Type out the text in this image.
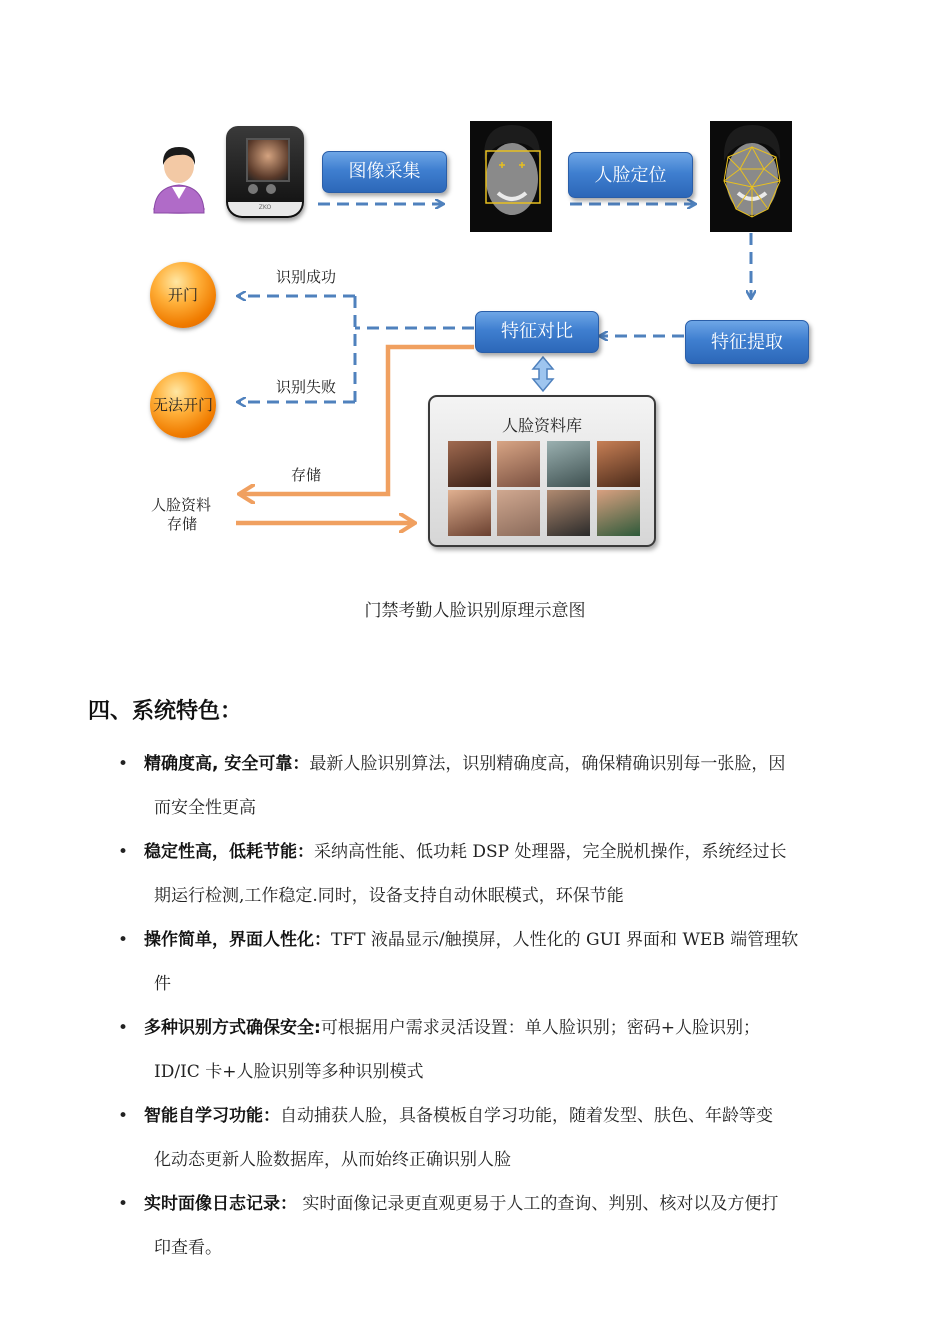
ZKO
图像采集	人脸定位
特征对比
特征提取
开门
无法开门
识别成功
识别失败
存储
人脸资料
存储
人脸资料库
门禁考勤人脸识别原理示意图
四、系统特色：
• 精确度高, 安全可靠：最新人脸识别算法，识别精确度高，确保精确识别每一张脸，因
而安全性更高
• 稳定性高，低耗节能：采纳高性能、低功耗 DSP 处理器，完全脱机操作，系统经过长
期运行检测,工作稳定.同时，设备支持自动休眠模式，环保节能
• 操作简单，界面人性化：TFT 液晶显示/触摸屏，人性化的 GUI 界面和 WEB 端管理软
件
• 多种识别方式确保安全:可根据用户需求灵活设置：单人脸识别；密码+人脸识别；
ID/IC 卡+人脸识别等多种识别模式
• 智能自学习功能：自动捕获人脸，具备模板自学习功能，随着发型、肤色、年龄等变
化动态更新人脸数据库，从而始终正确识别人脸
• 实时面像日志记录： 实时面像记录更直观更易于人工的查询、判别、核对以及方便打
印查看。
